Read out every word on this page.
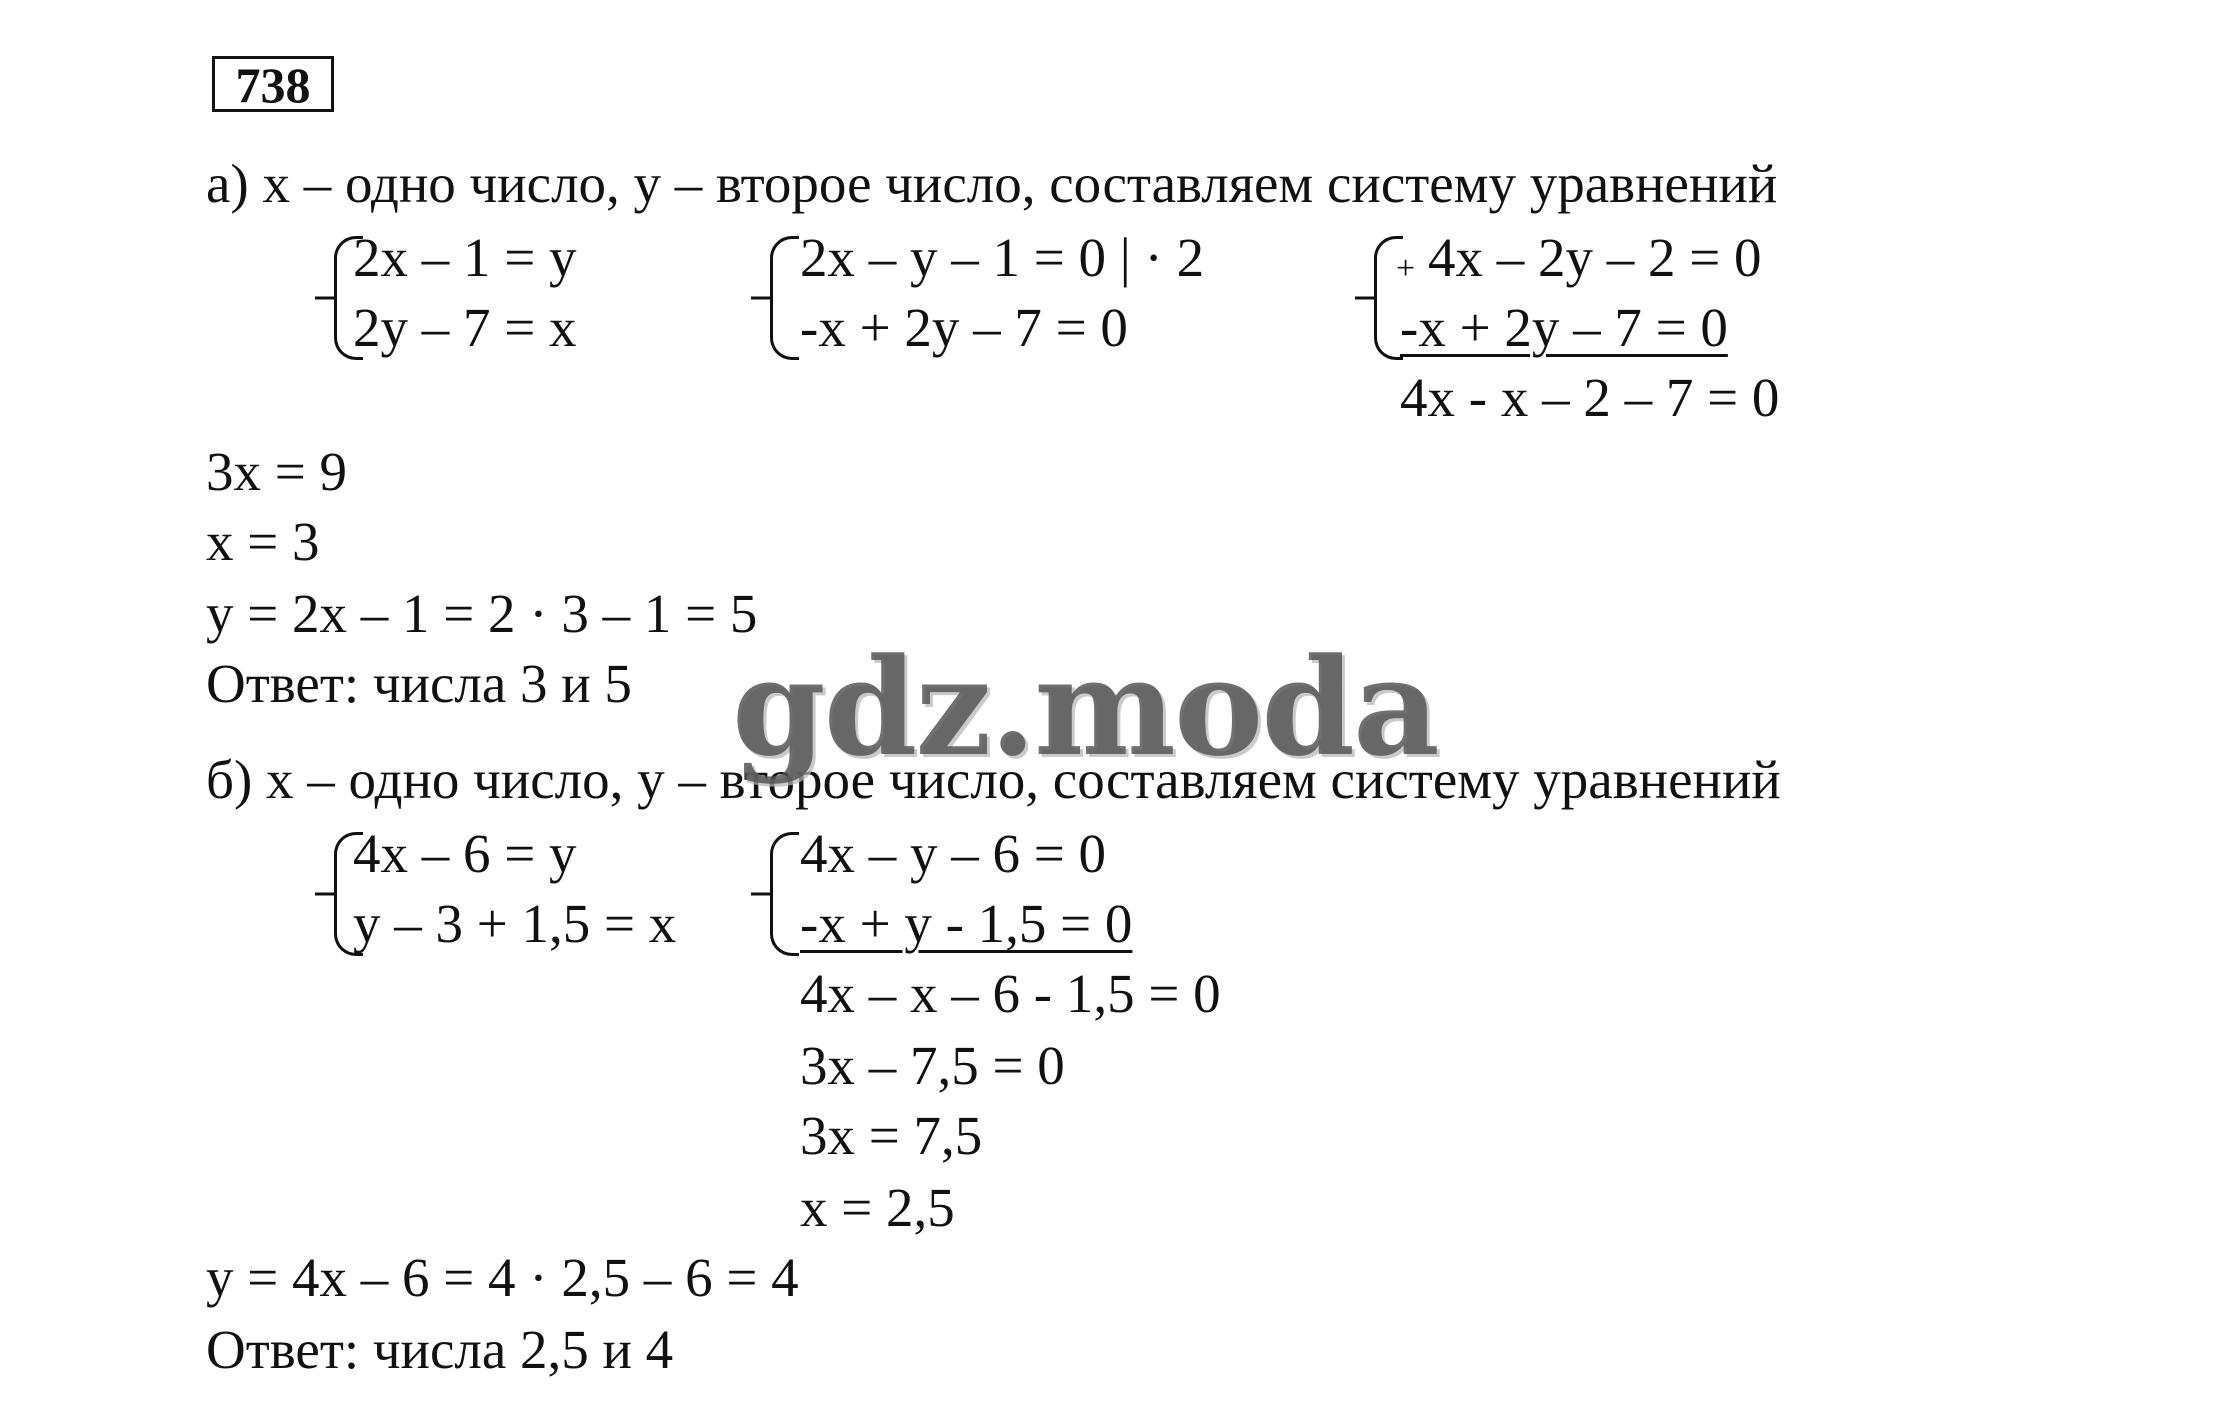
738
а) х – одно число, у – второе число, составляем систему уравнений
2x – 1 = y
2y – 7 = x
2x – y – 1 = 0 | · 2
-x + 2y – 7 = 0
+ 4x – 2y – 2 = 0
-x + 2y – 7 = 0
4x - x – 2 – 7 = 0
3x = 9
x = 3
y = 2x – 1 = 2 · 3 – 1 = 5
Ответ: числа 3 и 5
б) х – одно число, у – второе число, составляем систему уравнений
4x – 6 = y
y – 3 + 1,5 = x
4x – y – 6 = 0
-x + y - 1,5 = 0
4x – x – 6 - 1,5 = 0
3x – 7,5 = 0
3x = 7,5
x = 2,5
y = 4x – 6 = 4 · 2,5 – 6 = 4
Ответ: числа 2,5 и 4
gdz.moda
